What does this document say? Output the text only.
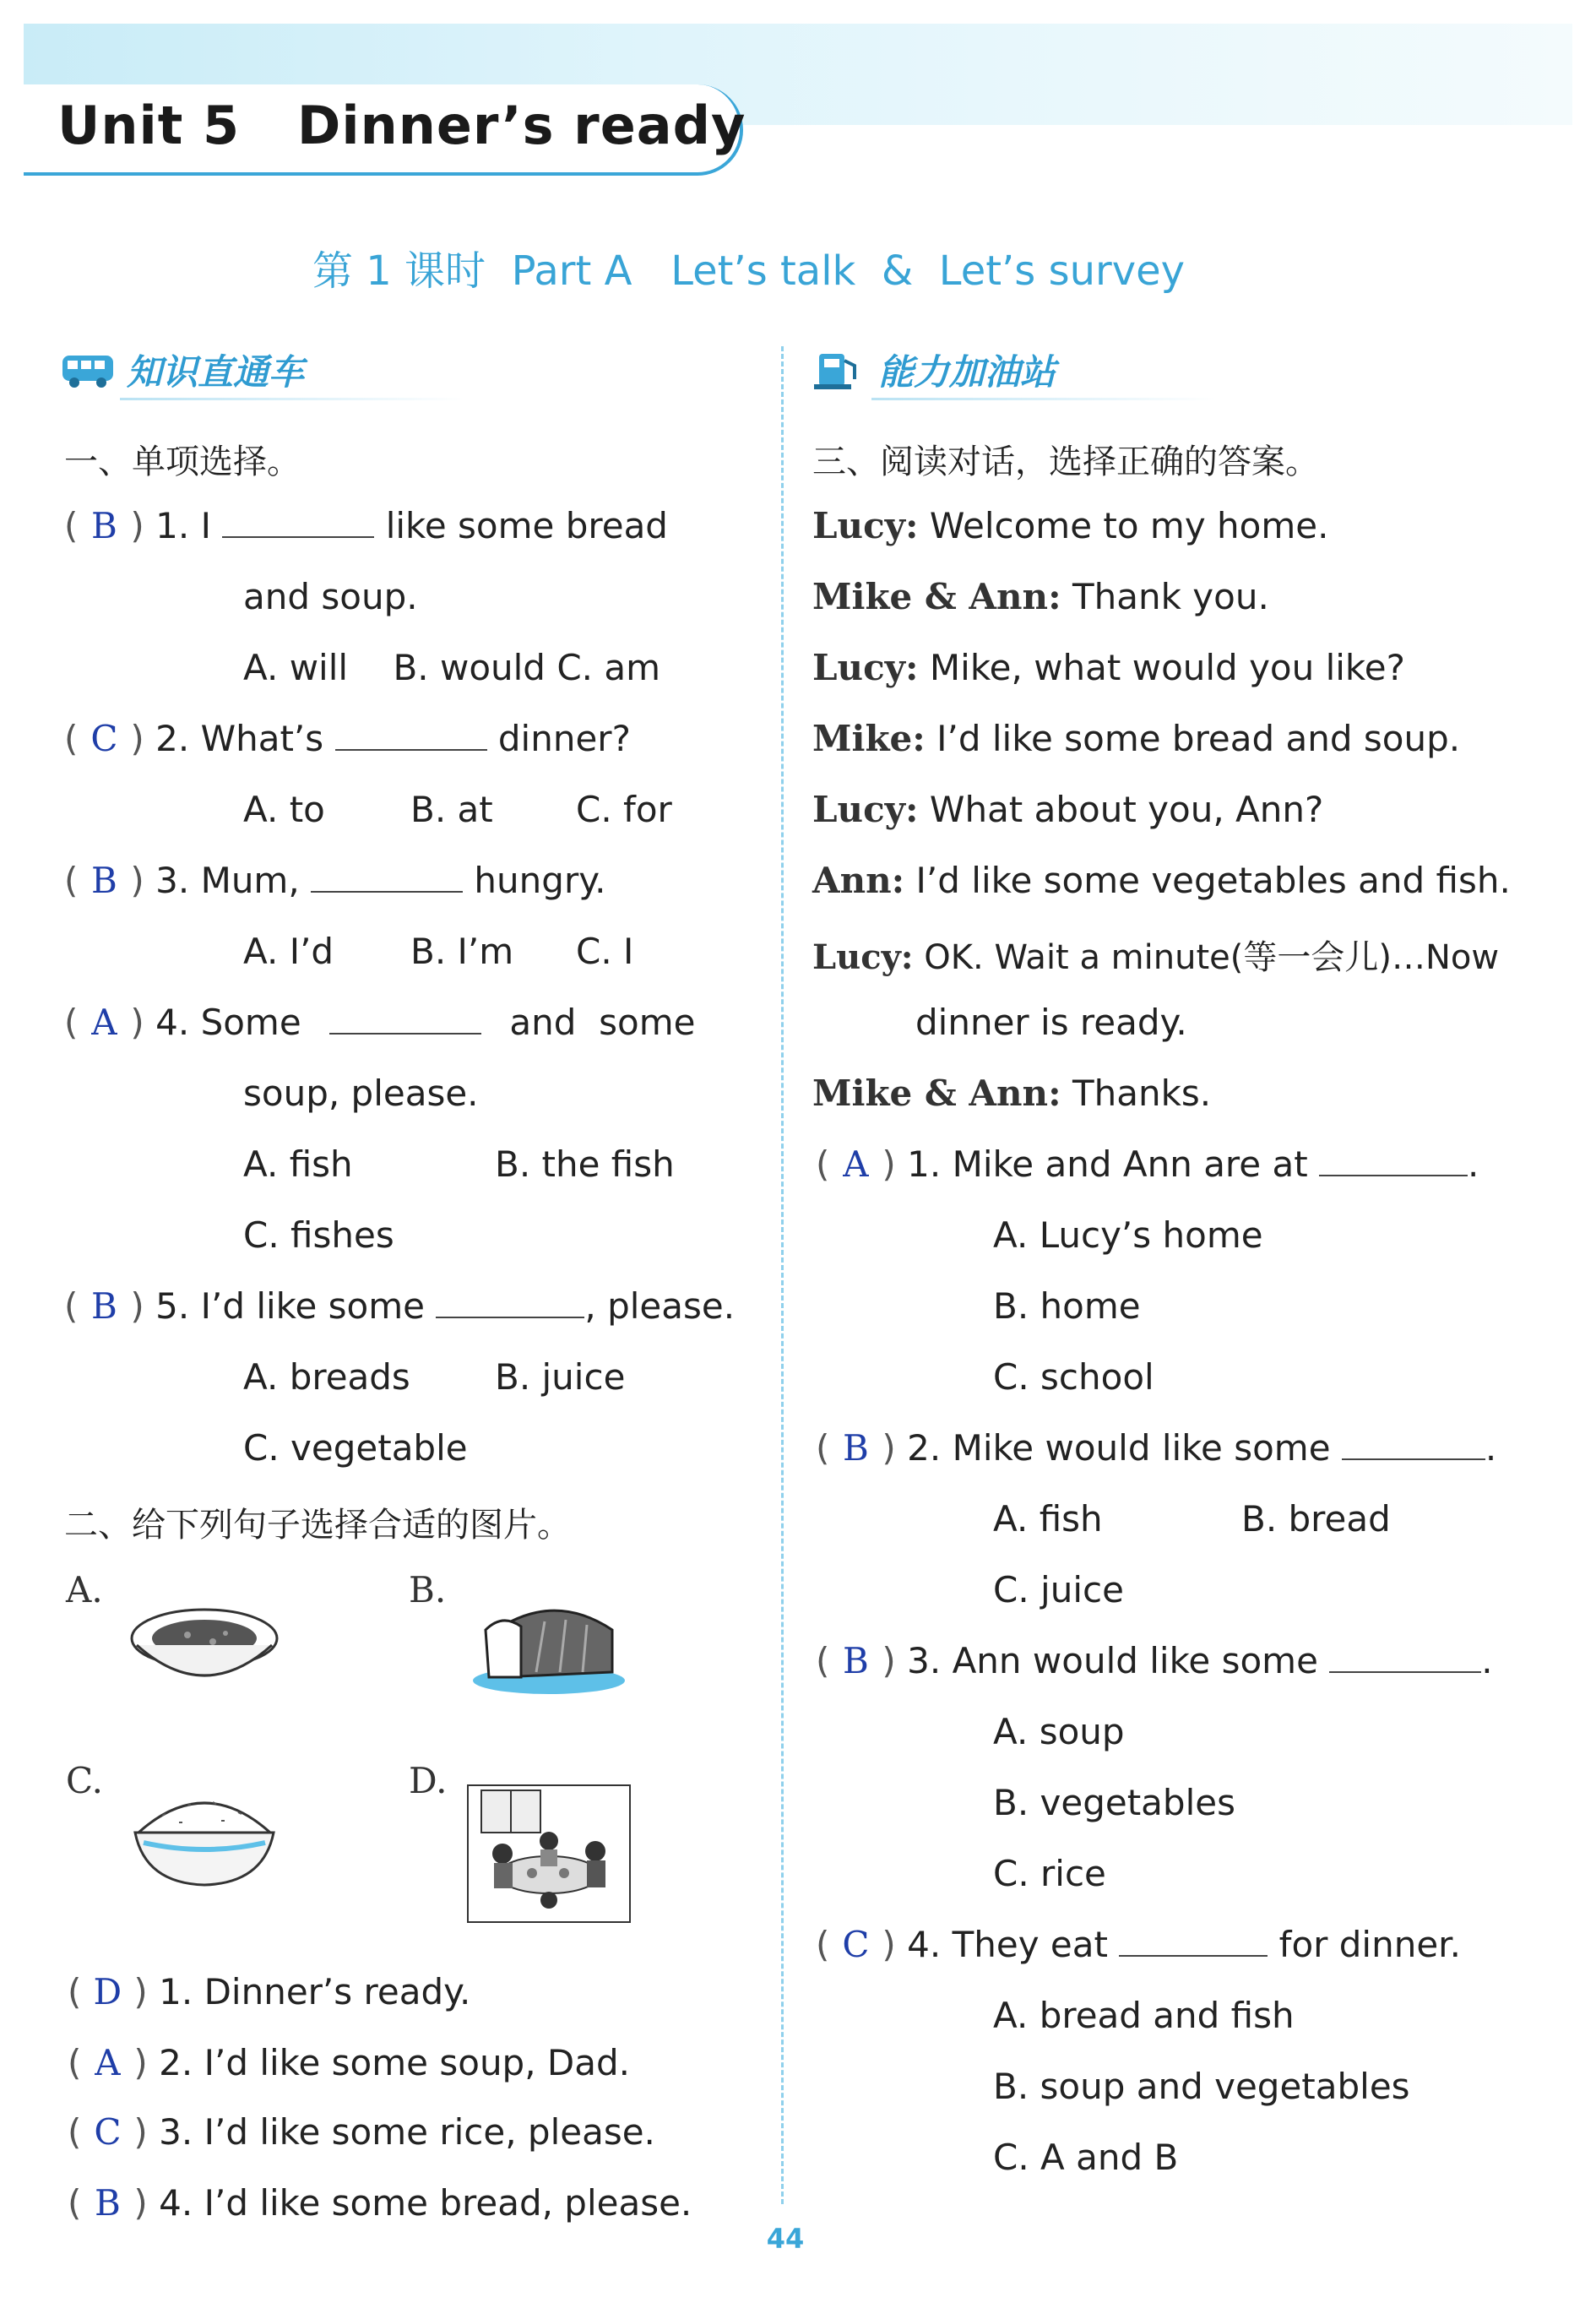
Unit 5   Dinner’s ready
第 1 课时  Part A   Let’s talk  &  Let’s survey
知识直通车	能力加油站
一、单项选择。
( B ) 1. I	like some bread
and soup.
A. will    B. would C. am
( C ) 2. What’s	dinner?
A. to B. at C. for
( B ) 3. Mum,	hungry.
A. I’d B. I’m C. I
( A ) 4. Some	and  some
soup, please.
A. fish	B. the fish
C. fishes
( B ) 5. I’d like some	, please.
A. breads B. juice
C. vegetable
二、给下列句子选择合适的图片。
A.	B.
C.	D.
( D ) 1. Dinner’s ready.
( A ) 2. I’d like some soup, Dad.
( C ) 3. I’d like some rice, please.
( B ) 4. I’d like some bread, please.
三、阅读对话，选择正确的答案。
Lucy: Welcome to my home.
Mike & Ann: Thank you.
Lucy: Mike, what would you like?
Mike: I’d like some bread and soup.
Lucy: What about you, Ann?
Ann: I’d like some vegetables and fish.
Lucy: OK. Wait a minute(等一会儿)…Now
dinner is ready.
Mike & Ann: Thanks.
( A ) 1. Mike and Ann are at	.
A. Lucy’s home
B. home
C. school
( B ) 2. Mike would like some	.
A. fish	B. bread
C. juice
( B ) 3. Ann would like some	.
A. soup
B. vegetables
C. rice
( C ) 4. They eat	for dinner.
A. bread and fish
B. soup and vegetables
C. A and B
44
